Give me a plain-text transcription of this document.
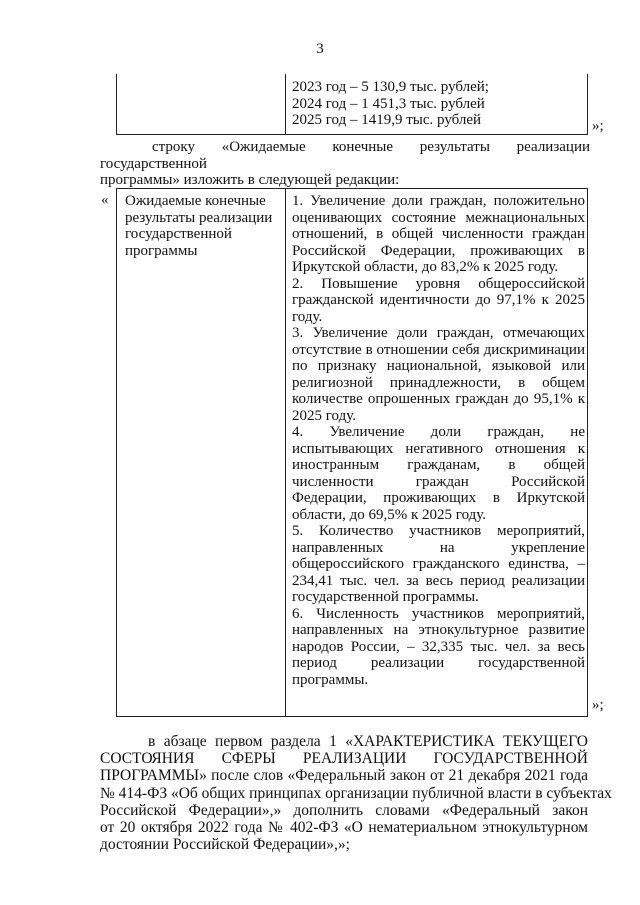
3
2023 год – 5 130,9 тыс. рублей;
2024 год – 1 451,3 тыс. рублей
2025 год – 1419,9 тыс. рублей	»;
строку «Ожидаемые конечные результаты реализации государственной
программы» изложить в следующей редакции:
« Ожидаемые конечные результаты реализации государственной программы
1. Увеличение доли граждан, положительно оценивающих состояние межнациональных отношений, в общей численности граждан Российской Федерации, проживающих в Иркутской области, до 83,2% к 2025 году.
2. Повышение уровня общероссийской гражданской идентичности до 97,1% к 2025 году.
3. Увеличение доли граждан, отмечающих отсутствие в отношении себя дискриминации по признаку национальной, языковой или религиозной принадлежности, в общем количестве опрошенных граждан до 95,1% к 2025 году.
4. Увеличение доли граждан, не испытывающих негативного отношения к иностранным гражданам, в общей численности граждан Российской Федерации, проживающих в Иркутской области, до 69,5% к 2025 году.
5. Количество участников мероприятий, направленных на укрепление общероссийского гражданского единства, – 234,41 тыс. чел. за весь период реализации государственной программы.
6. Численность участников мероприятий, направленных на этнокультурное развитие народов России, – 32,335 тыс. чел. за весь период реализации государственной программы.
»;
в абзаце первом раздела 1 «ХАРАКТЕРИСТИКА ТЕКУЩЕГО
СОСТОЯНИЯ СФЕРЫ РЕАЛИЗАЦИИ ГОСУДАРСТВЕННОЙ
ПРОГРАММЫ» после слов «Федеральный закон от 21 декабря 2021 года
№ 414-ФЗ «Об общих принципах организации публичной власти в субъектах
Российской Федерации»,» дополнить словами «Федеральный закон
от 20 октября 2022 года № 402-ФЗ «О нематериальном этнокультурном
достоянии Российской Федерации»,»;
